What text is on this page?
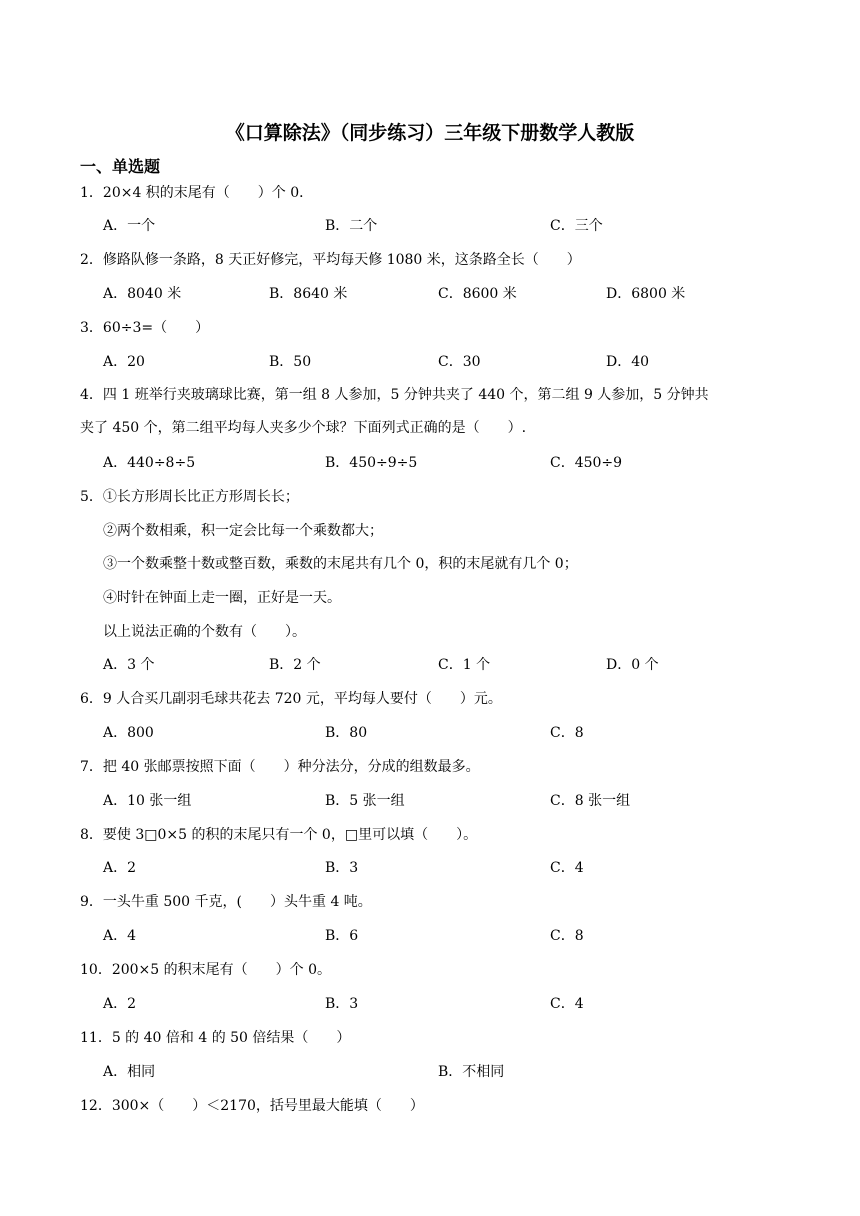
《口算除法》（同步练习）三年级下册数学人教版
一、单选题
1．20×4 积的末尾有（　　）个 0．
A．一个	B．二个	C．三个
2．修路队修一条路，8 天正好修完，平均每天修 1080 米，这条路全长（　　）
A．8040 米	B．8640 米	C．8600 米	D．6800 米
3．60÷3=（　　）
A．20	B．50	C．30	D．40
4．四 1 班举行夹玻璃球比赛，第一组 8 人参加，5 分钟共夹了 440 个，第二组 9 人参加，5 分钟共
夹了 450 个，第二组平均每人夹多少个球？下面列式正确的是（　　）.
A．440÷8÷5	B．450÷9÷5	C．450÷9
5．①长方形周长比正方形周长长；
②两个数相乘，积一定会比每一个乘数都大；
③一个数乘整十数或整百数，乘数的末尾共有几个 0，积的末尾就有几个 0；
④时针在钟面上走一圈，正好是一天。
以上说法正确的个数有（　　）。
A．3 个	B．2 个	C．1 个	D．0 个
6．9 人合买几副羽毛球共花去 720 元，平均每人要付（　　）元。
A．800	B．80	C．8
7．把 40 张邮票按照下面（　　）种分法分，分成的组数最多。
A．10 张一组	B．5 张一组	C．8 张一组
8．要使 3□0×5 的积的末尾只有一个 0，□里可以填（　　）。
A．2	B．3	C．4
9．一头牛重 500 千克，(　　）头牛重 4 吨。
A．4	B．6	C．8
10．200×5 的积末尾有（　　）个 0。
A．2	B．3	C．4
11．5 的 40 倍和 4 的 50 倍结果（　　）
A．相同	B．不相同
12．300×（　　）＜2170，括号里最大能填（　　）
